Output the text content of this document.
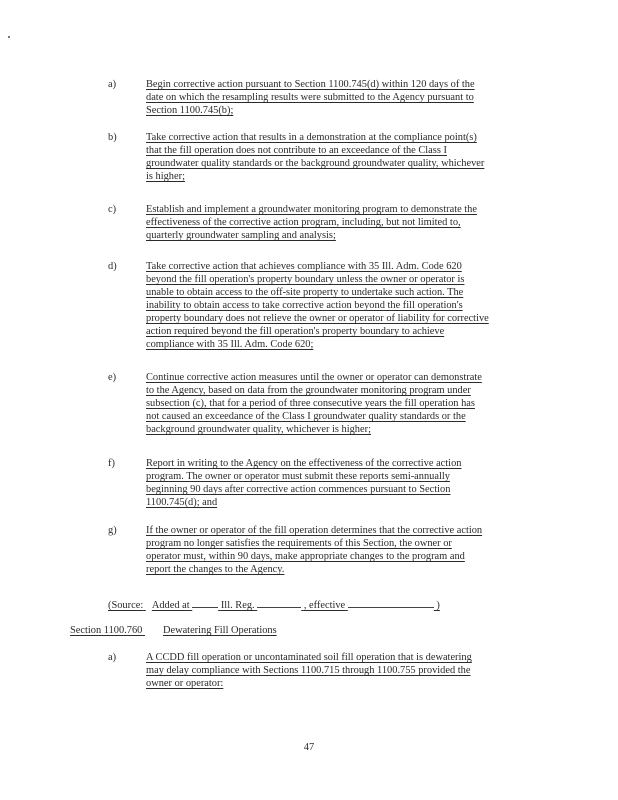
a)	Begin corrective action pursuant to Section 1100.745(d) within 120 days of the
date on which the resampling results were submitted to the Agency pursuant to
Section 1100.745(b);
b)	Take corrective action that results in a demonstration at the compliance point(s)
that the fill operation does not contribute to an exceedance of the Class I
groundwater quality standards or the background groundwater quality, whichever
is higher;
c)	Establish and implement a groundwater monitoring program to demonstrate the
effectiveness of the corrective action program, including, but not limited to,
quarterly groundwater sampling and analysis;
d)	Take corrective action that achieves compliance with 35 Ill. Adm. Code 620
beyond the fill operation's property boundary unless the owner or operator is
unable to obtain access to the off-site property to undertake such action. The
inability to obtain access to take corrective action beyond the fill operation's
property boundary does not relieve the owner or operator of liability for corrective
action required beyond the fill operation's property boundary to achieve
compliance with 35 Ill. Adm. Code 620;
e)	Continue corrective action measures until the owner or operator can demonstrate
to the Agency, based on data from the groundwater monitoring program under
subsection (c), that for a period of three consecutive years the fill operation has
not caused an exceedance of the Class I groundwater quality standards or the
background groundwater quality, whichever is higher;
f)	Report in writing to the Agency on the effectiveness of the corrective action
program. The owner or operator must submit these reports semi-annually
beginning 90 days after corrective action commences pursuant to Section
1100.745(d); and
g)	If the owner or operator of the fill operation determines that the corrective action
program no longer satisfies the requirements of this Section, the owner or
operator must, within 90 days, make appropriate changes to the program and
report the changes to the Agency.
(Source: Added at	Ill. Reg.	, effective	)
Section 1100.760 Dewatering Fill Operations
a)	A CCDD fill operation or uncontaminated soil fill operation that is dewatering
may delay compliance with Sections 1100.715 through 1100.755 provided the
owner or operator:
47
